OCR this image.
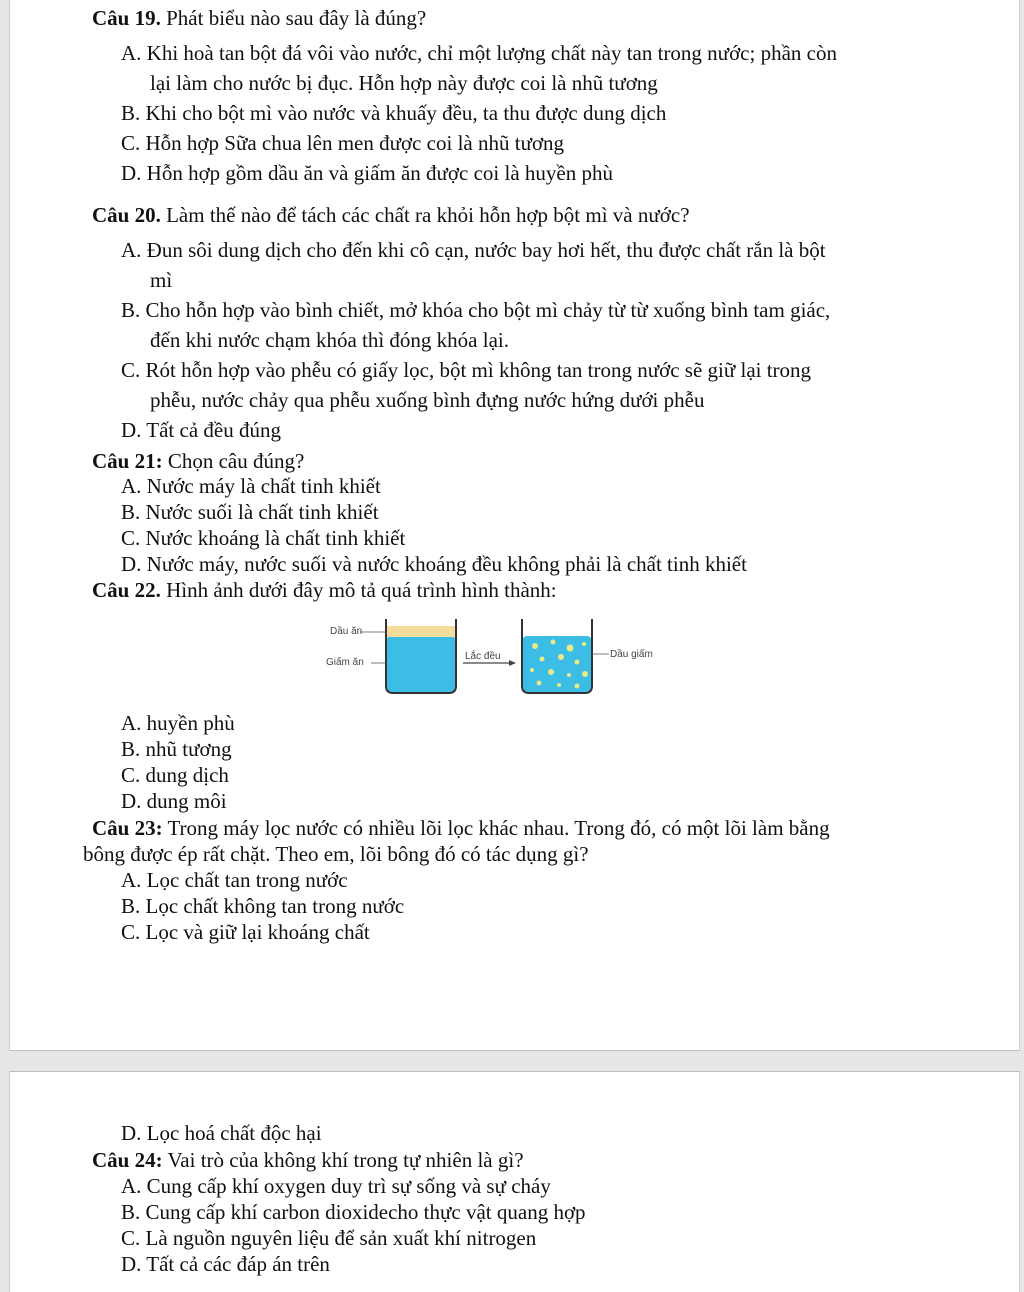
Câu 19. Phát biểu nào sau đây là đúng?
A. Khi hoà tan bột đá vôi vào nước, chỉ một lượng chất này tan trong nước; phần còn
lại làm cho nước bị đục. Hỗn hợp này được coi là nhũ tương
B. Khi cho bột mì vào nước và khuấy đều, ta thu được dung dịch
C. Hỗn hợp Sữa chua lên men được coi là nhũ tương
D. Hỗn hợp gồm dầu ăn và giấm ăn được coi là huyền phù
Câu 20. Làm thế nào để tách các chất ra khỏi hỗn hợp bột mì và nước?
A. Đun sôi dung dịch cho đến khi cô cạn, nước bay hơi hết, thu được chất rắn là bột
mì
B. Cho hỗn hợp vào bình chiết, mở khóa cho bột mì chảy từ từ xuống bình tam giác,
đến khi nước chạm khóa thì đóng khóa lại.
C. Rót hỗn hợp vào phễu có giấy lọc, bột mì không tan trong nước sẽ giữ lại trong
phễu, nước chảy qua phễu xuống bình đựng nước hứng dưới phễu
D. Tất cả đều đúng
Câu 21: Chọn câu đúng?
A. Nước máy là chất tinh khiết
B. Nước suối là chất tinh khiết
C. Nước khoáng là chất tinh khiết
D. Nước máy, nước suối và nước khoáng đều không phải là chất tinh khiết
Câu 22. Hình ảnh dưới đây mô tả quá trình hình thành:
Dầu ăn
Giấm ăn
Lắc đều	Dầu giấm
A. huyền phù
B. nhũ tương
C. dung dịch
D. dung môi
Câu 23: Trong máy lọc nước có nhiều lõi lọc khác nhau. Trong đó, có một lõi làm bằng
bông được ép rất chặt. Theo em, lõi bông đó có tác dụng gì?
A. Lọc chất tan trong nước
B. Lọc chất không tan trong nước
C. Lọc và giữ lại khoáng chất
D. Lọc hoá chất độc hại
Câu 24: Vai trò của không khí trong tự nhiên là gì?
A. Cung cấp khí oxygen duy trì sự sống và sự cháy
B. Cung cấp khí carbon dioxidecho thực vật quang hợp
C. Là nguồn nguyên liệu để sản xuất khí nitrogen
D. Tất cả các đáp án trên
